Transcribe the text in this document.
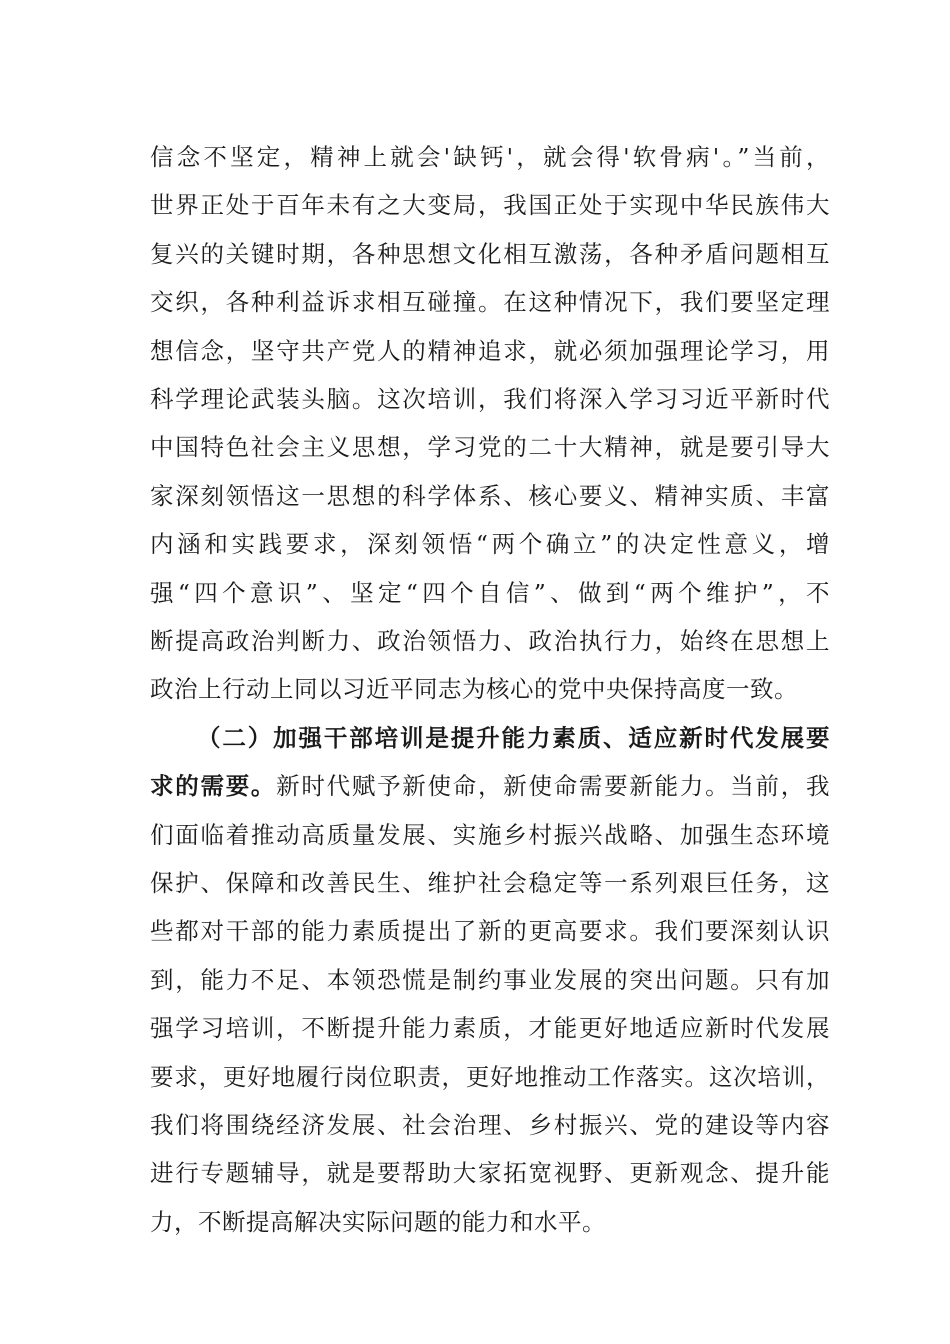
信念不坚定，精神上就会'缺钙'，就会得'软骨病'。”当前，
世界正处于百年未有之大变局，我国正处于实现中华民族伟大
复兴的关键时期，各种思想文化相互激荡，各种矛盾问题相互
交织，各种利益诉求相互碰撞。在这种情况下，我们要坚定理
想信念，坚守共产党人的精神追求，就必须加强理论学习，用
科学理论武装头脑。这次培训，我们将深入学习习近平新时代
中国特色社会主义思想，学习党的二十大精神，就是要引导大
家深刻领悟这一思想的科学体系、核心要义、精神实质、丰富
内涵和实践要求，深刻领悟“两个确立”的决定性意义，增
强“四个意识”、坚定“四个自信”、做到“两个维护”，不
断提高政治判断力、政治领悟力、政治执行力，始终在思想上
政治上行动上同以习近平同志为核心的党中央保持高度一致。
（二）加强干部培训是提升能力素质、适应新时代发展要
求的需要。新时代赋予新使命，新使命需要新能力。当前，我
们面临着推动高质量发展、实施乡村振兴战略、加强生态环境
保护、保障和改善民生、维护社会稳定等一系列艰巨任务，这
些都对干部的能力素质提出了新的更高要求。我们要深刻认识
到，能力不足、本领恐慌是制约事业发展的突出问题。只有加
强学习培训，不断提升能力素质，才能更好地适应新时代发展
要求，更好地履行岗位职责，更好地推动工作落实。这次培训，
我们将围绕经济发展、社会治理、乡村振兴、党的建设等内容
进行专题辅导，就是要帮助大家拓宽视野、更新观念、提升能
力，不断提高解决实际问题的能力和水平。
